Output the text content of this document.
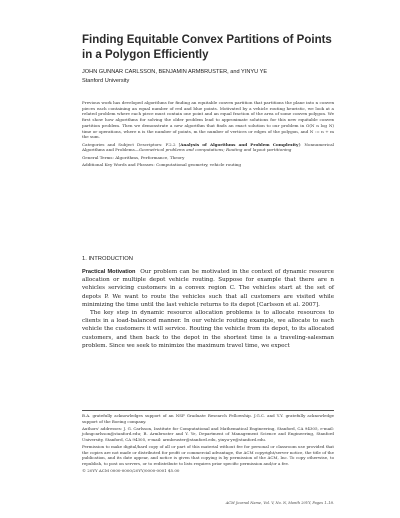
Finding Equitable Convex Partitions of Points in a Polygon Efficiently
JOHN GUNNAR CARLSSON, BENJAMIN ARMBRUSTER, and YINYU YE
Stanford University

Previous work has developed algorithms for finding an equitable convex partition that partitions the plane into n convex pieces each containing an equal number of red and blue points. Motivated by a vehicle routing heuristic, we look at a related problem where each piece must contain one point and an equal fraction of the area of some convex polygon. We first show how algorithms for solving the older problem lead to approximate solutions for this new equitable convex partition problem. Then we demonstrate a new algorithm that finds an exact solution to our problem in O(N n log N) time or operations, where n is the number of points, m the number of vertices or edges of the polygon, and N := n + m the sum.

Categories and Subject Descriptors: F.2.2 [Analysis of Algorithms and Problem Complexity]: Nonnumerical Algorithms and Problems—Geometrical problems and computations; Routing and layout partitioning

General Terms: Algorithms, Performance, Theory

Additional Key Words and Phrases: Computational geometry, vehicle routing

1. INTRODUCTION

Practical Motivation Our problem can be motivated in the context of dynamic resource allocation or multiple depot vehicle routing. Suppose for example that there are n vehicles servicing customers in a convex region C. The vehicles start at the set of depots P. We want to route the vehicles such that all customers are visited while minimizing the time until the last vehicle returns to its depot [Carlsson et al. 2007].

The key step in dynamic resource allocation problems is to allocate resources to clients in a load-balanced manner. In our vehicle routing example, we allocate to each vehicle the customers it will service. Routing the vehicle from its depot, to its allocated customers, and then back to the depot in the shortest time is a traveling-salesman problem. Since we seek to minimize the maximum travel time, we expect

B.A. gratefully acknowledges support of an NSF Graduate Research Fellowship. J.G.C. and Y.Y. gratefully acknowledge support of the Boeing company.

Authors' addresses: J. G. Carlsson, Institute for Computational and Mathematical Engineering, Stanford, CA 94305, e-mail: johngcarlsson@stanford.edu; B. Armbruster and Y. Ye, Department of Management Science and Engineering, Stanford University, Stanford, CA 94305, e-mail: armbruster@stanford.edu, yinyu-ye@stanford.edu.

Permission to make digital/hard copy of all or part of this material without fee for personal or classroom use provided that the copies are not made or distributed for profit or commercial advantage, the ACM copyright/server notice, the title of the publication, and its date appear, and notice is given that copying is by permission of the ACM, Inc. To copy otherwise, to republish, to post on servers, or to redistribute to lists requires prior specific permission and/or a fee.

© 20YY ACM 0000-0000/20YY/0000-0001 $5.00

ACM Journal Name, Vol. V, No. N, Month 20YY, Pages 1–18.
